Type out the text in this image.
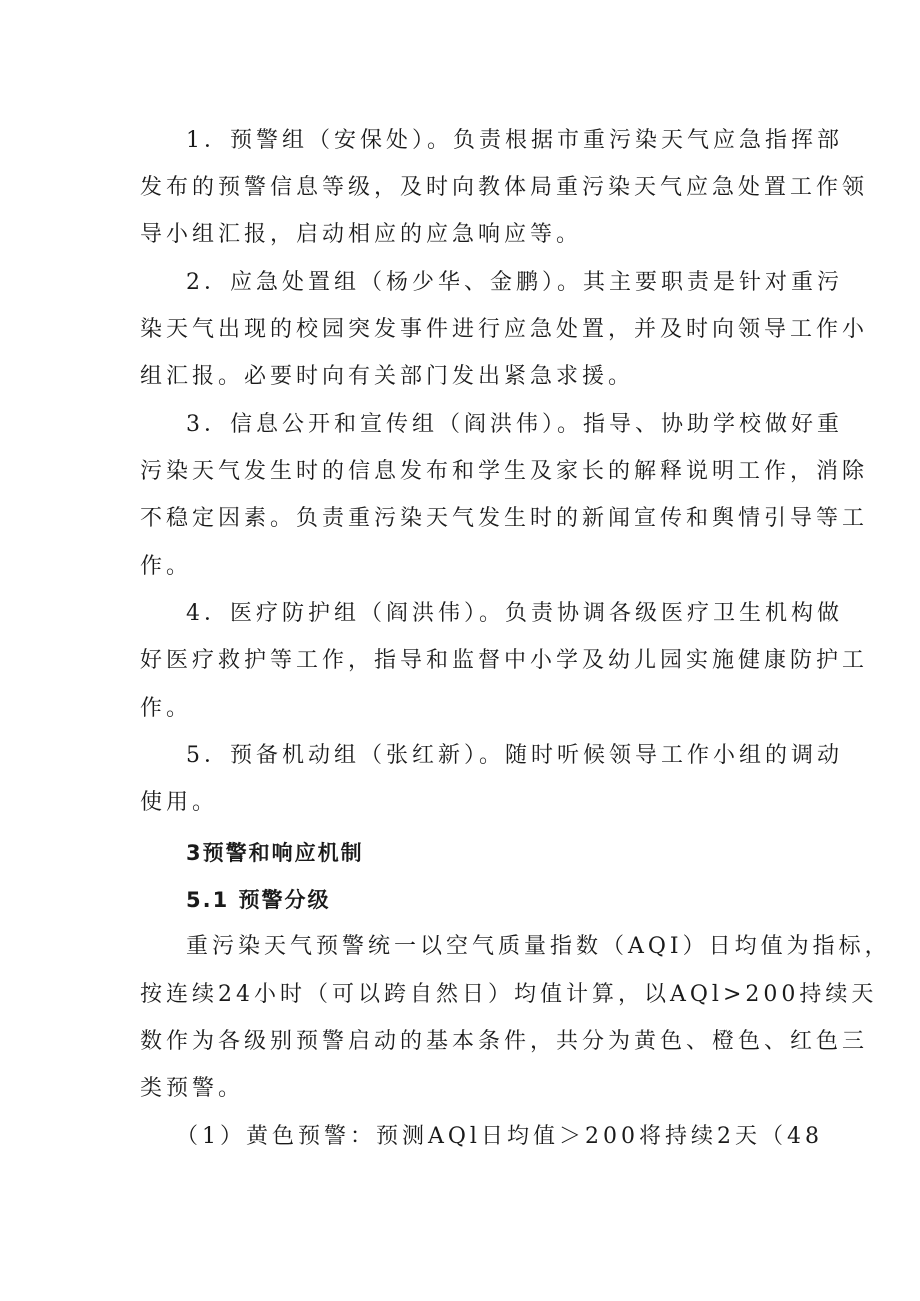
1．预警组（安保处）。负责根据市重污染天气应急指挥部
发布的预警信息等级，及时向教体局重污染天气应急处置工作领
导小组汇报，启动相应的应急响应等。
2．应急处置组（杨少华、金鹏）。其主要职责是针对重污
染天气出现的校园突发事件进行应急处置，并及时向领导工作小
组汇报。必要时向有关部门发出紧急求援。
3．信息公开和宣传组（阎洪伟）。指导、协助学校做好重
污染天气发生时的信息发布和学生及家长的解释说明工作，消除
不稳定因素。负责重污染天气发生时的新闻宣传和舆情引导等工
作。
4．医疗防护组（阎洪伟）。负责协调各级医疗卫生机构做
好医疗救护等工作，指导和监督中小学及幼儿园实施健康防护工
作。
5．预备机动组（张红新）。随时听候领导工作小组的调动
使用。
3预警和响应机制
5.1 预警分级
重污染天气预警统一以空气质量指数（AQI）日均值为指标，
按连续24小时（可以跨自然日）均值计算，以AQl>200持续天
数作为各级别预警启动的基本条件，共分为黄色、橙色、红色三
类预警。
（1）黄色预警：预测AQl日均值＞200将持续2天（48
